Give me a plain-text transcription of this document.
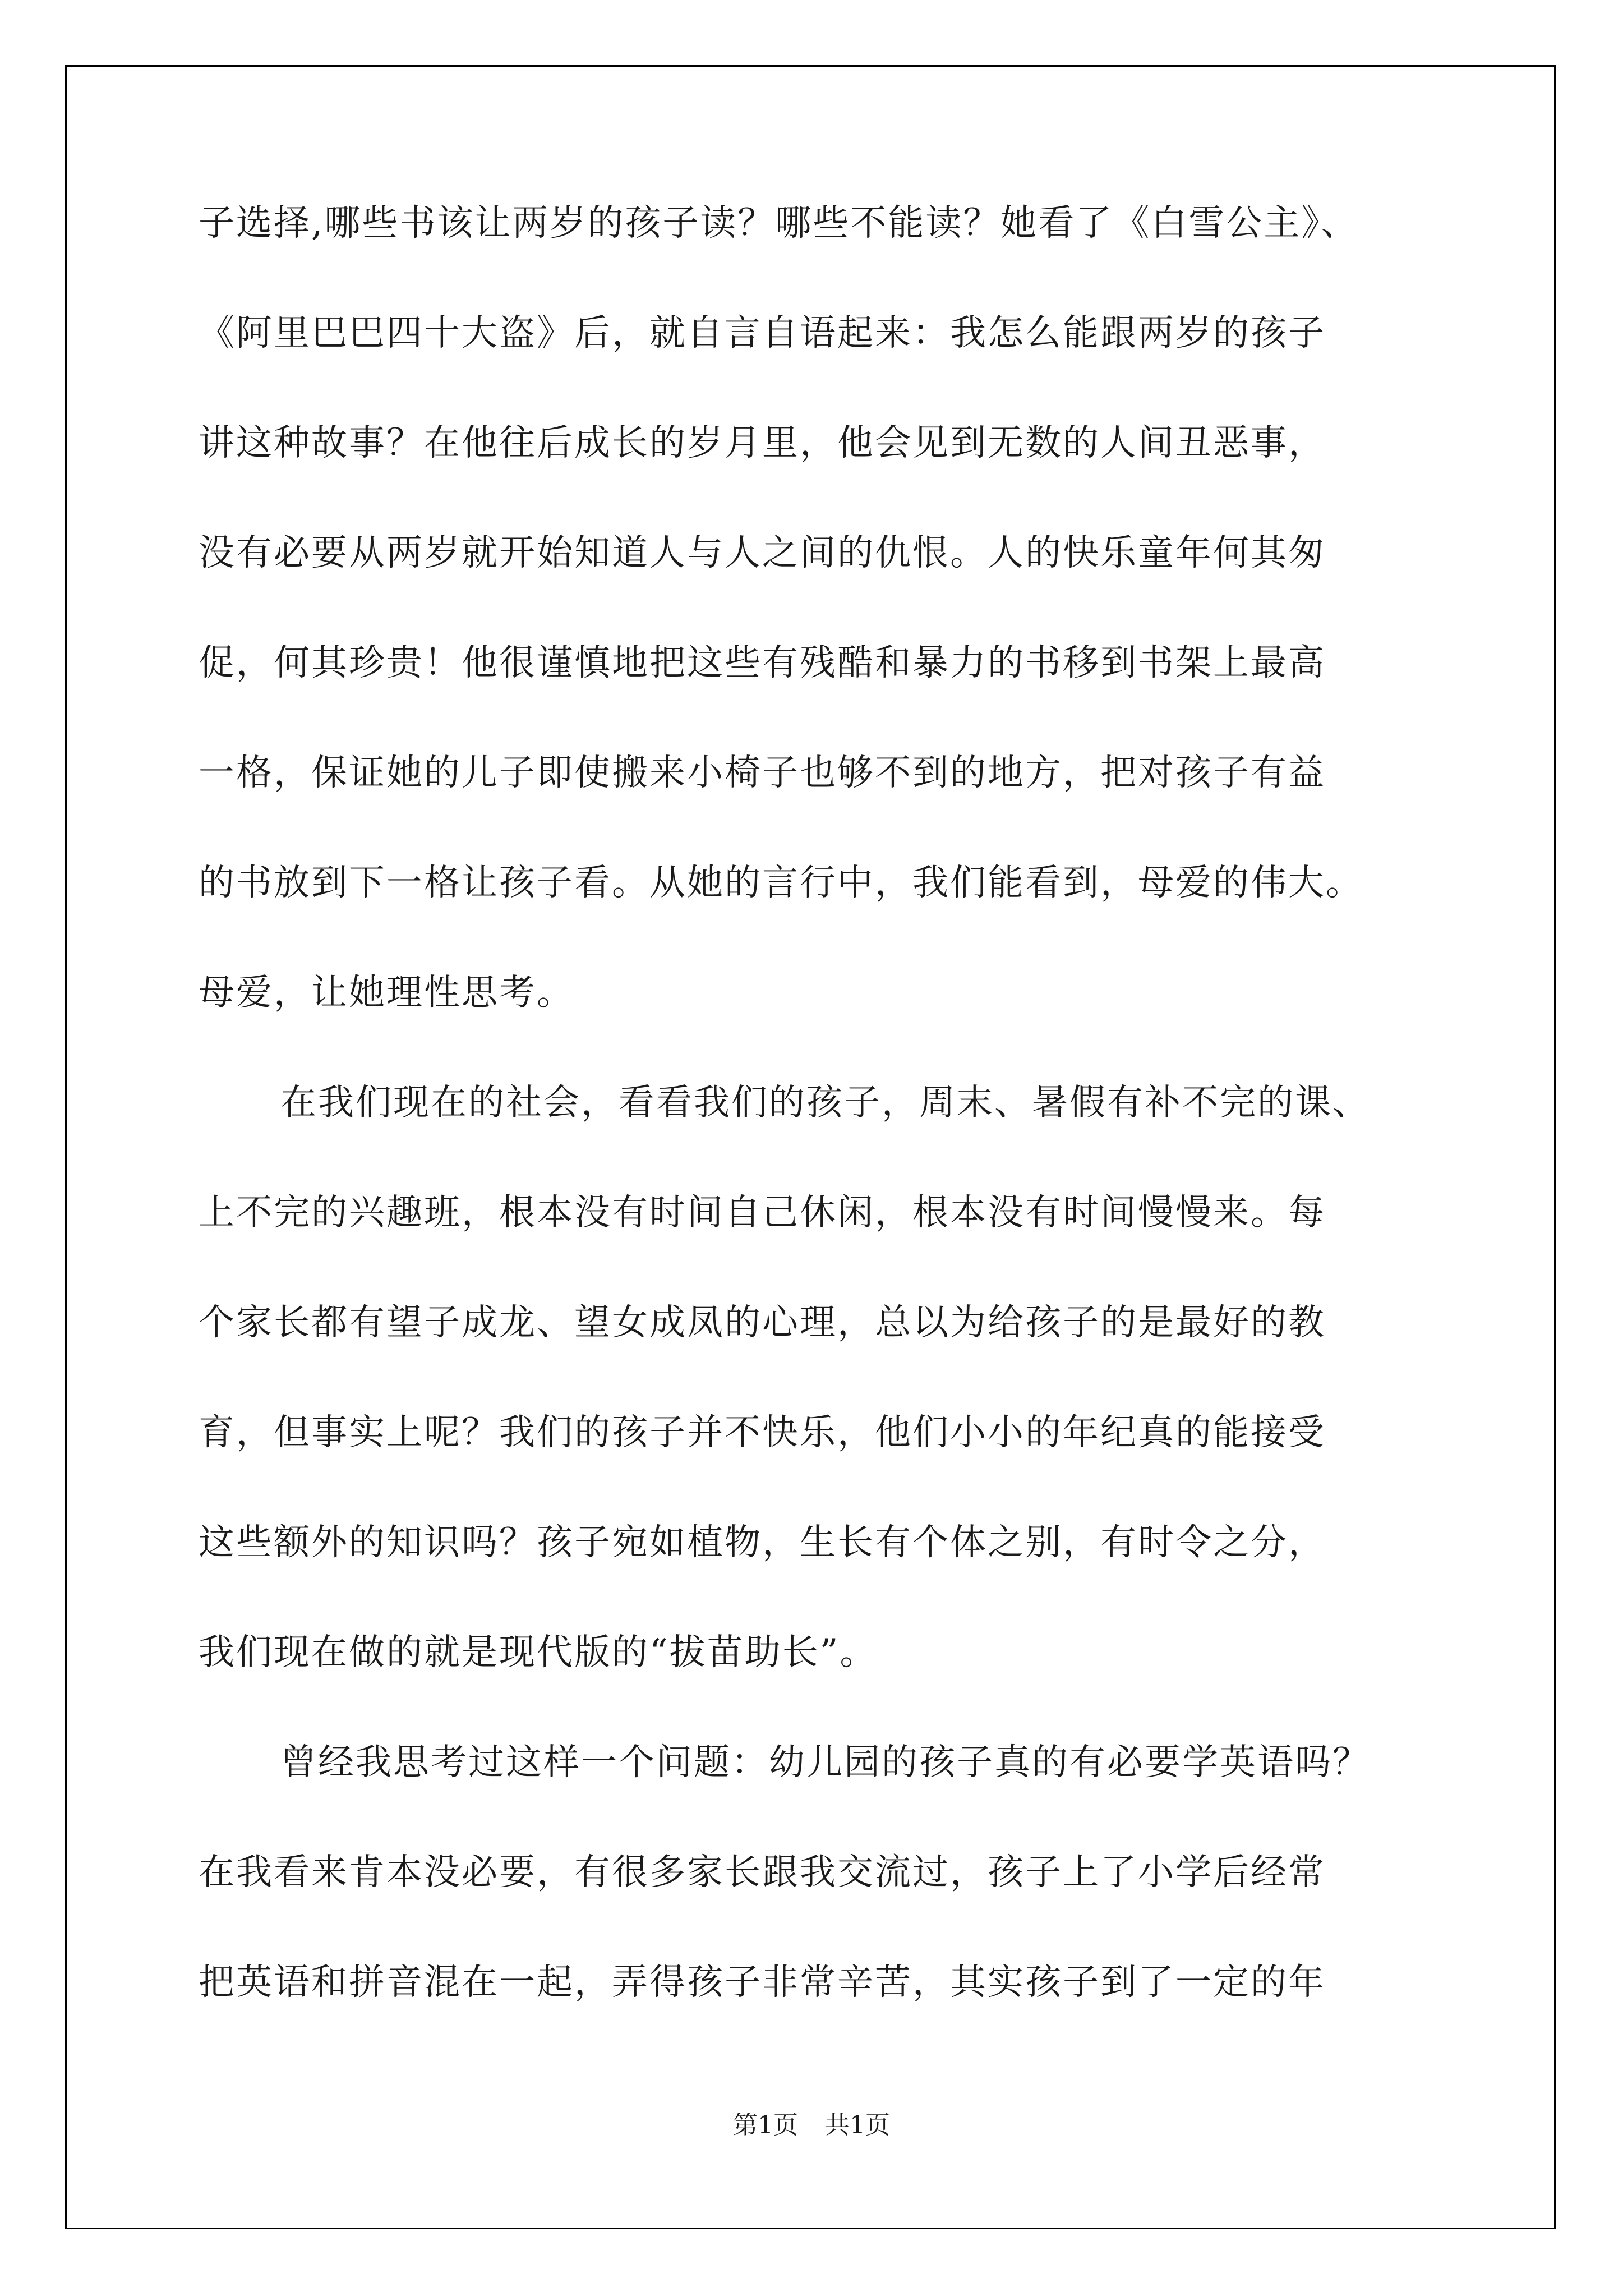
子选择,哪些书该让两岁的孩子读？哪些不能读？她看了《白雪公主》、
《阿里巴巴四十大盗》后，就自言自语起来：我怎么能跟两岁的孩子
讲这种故事？在他往后成长的岁月里，他会见到无数的人间丑恶事，
没有必要从两岁就开始知道人与人之间的仇恨。人的快乐童年何其匆
促，何其珍贵！他很谨慎地把这些有残酷和暴力的书移到书架上最高
一格，保证她的儿子即使搬来小椅子也够不到的地方，把对孩子有益
的书放到下一格让孩子看。从她的言行中，我们能看到，母爱的伟大。
母爱，让她理性思考。
在我们现在的社会，看看我们的孩子，周末、暑假有补不完的课、
上不完的兴趣班，根本没有时间自己休闲，根本没有时间慢慢来。每
个家长都有望子成龙、望女成凤的心理，总以为给孩子的是最好的教
育，但事实上呢？我们的孩子并不快乐，他们小小的年纪真的能接受
这些额外的知识吗？孩子宛如植物，生长有个体之别，有时令之分，
我们现在做的就是现代版的“拔苗助长”。
曾经我思考过这样一个问题：幼儿园的孩子真的有必要学英语吗？
在我看来肯本没必要，有很多家长跟我交流过，孩子上了小学后经常
把英语和拼音混在一起，弄得孩子非常辛苦，其实孩子到了一定的年
第1页 共1页
